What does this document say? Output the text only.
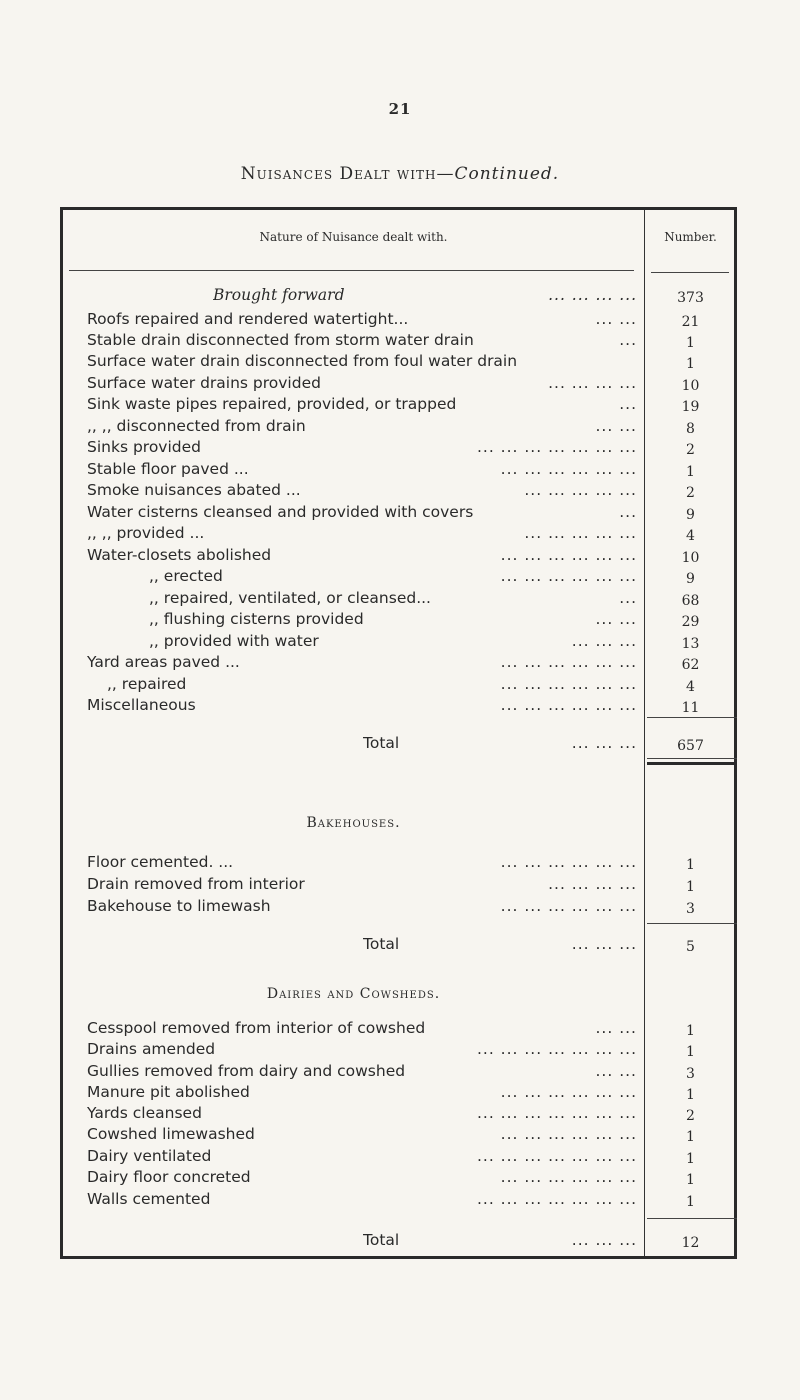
21
Nuisances Dealt with—Continued.
Nature of Nuisance dealt with.	Number.
Brought forward	... ... ... ...	373
Roofs repaired and rendered watertight...	... ...	21
Stable drain disconnected from storm water drain	...	1
Surface water drain disconnected from foul water drain	1
Surface water drains provided	... ... ... ...	10
Sink waste pipes repaired, provided, or trapped	...	19
,, ,, disconnected from drain	... ...	8
Sinks provided	... ... ... ... ... ... ...	2
Stable floor paved ...	... ... ... ... ... ...	1
Smoke nuisances abated ...	... ... ... ... ...	2
Water cisterns cleansed and provided with covers	...	9
,, ,, provided ...	... ... ... ... ...	4
Water-closets abolished	... ... ... ... ... ...	10
,, erected	... ... ... ... ... ...	9
,, repaired, ventilated, or cleansed...	...	68
,, flushing cisterns provided	... ...	29
,, provided with water	... ... ...	13
Yard areas paved ...	... ... ... ... ... ...	62
,, repaired	... ... ... ... ... ...	4
Miscellaneous	... ... ... ... ... ...	11
Total	... ... ...	657
Bakehouses.
Floor cemented. ...	... ... ... ... ... ...	1
Drain removed from interior	... ... ... ...	1
Bakehouse to limewash	... ... ... ... ... ...	3
Total	... ... ...	5
Dairies and Cowsheds.
Cesspool removed from interior of cowshed	... ...	1
Drains amended	... ... ... ... ... ... ...	1
Gullies removed from dairy and cowshed	... ...	3
Manure pit abolished	... ... ... ... ... ...	1
Yards cleansed	... ... ... ... ... ... ...	2
Cowshed limewashed	... ... ... ... ... ...	1
Dairy ventilated	... ... ... ... ... ... ...	1
Dairy floor concreted	... ... ... ... ... ...	1
Walls cemented	... ... ... ... ... ... ...	1
Total	... ... ...	12
